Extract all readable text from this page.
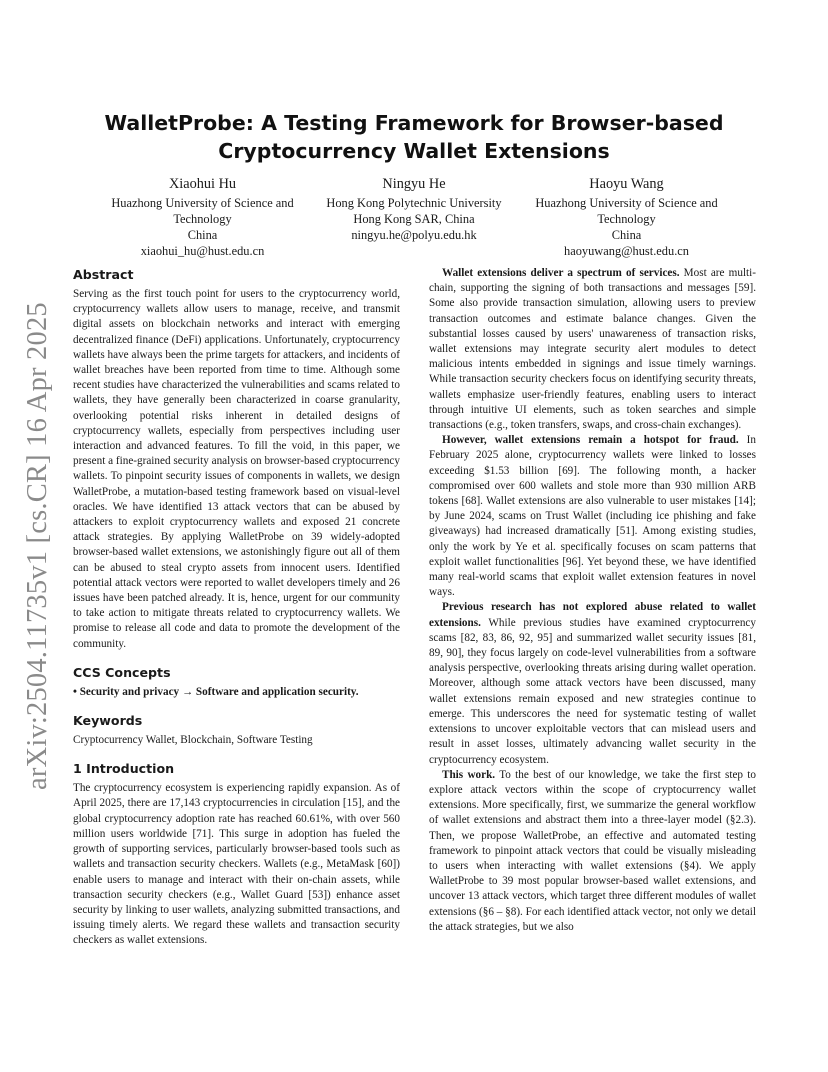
arXiv:2504.11735v1 [cs.CR] 16 Apr 2025
WalletProbe: A Testing Framework for Browser-based
Cryptocurrency Wallet Extensions
Xiaohui Hu
Huazhong University of Science and
Technology
China
xiaohui_hu@hust.edu.cn
Ningyu He
Hong Kong Polytechnic University
Hong Kong SAR, China
ningyu.he@polyu.edu.hk
Haoyu Wang
Huazhong University of Science and
Technology
China
haoyuwang@hust.edu.cn
Abstract

Serving as the first touch point for users to the cryptocurrency world, cryptocurrency wallets allow users to manage, receive, and transmit digital assets on blockchain networks and interact with emerging decentralized finance (DeFi) applications. Unfortunately, cryptocurrency wallets have always been the prime targets for attackers, and incidents of wallet breaches have been reported from time to time. Although some recent studies have characterized the vulnerabilities and scams related to wallets, they have generally been characterized in coarse granularity, overlooking potential risks inherent in detailed designs of cryptocurrency wallets, especially from perspectives including user interaction and advanced features. To fill the void, in this paper, we present a fine-grained security analysis on browser-based cryptocurrency wallets. To pinpoint security issues of components in wallets, we design WalletProbe, a mutation-based testing framework based on visual-level oracles. We have identified 13 attack vectors that can be abused by attackers to exploit cryptocurrency wallets and exposed 21 concrete attack strategies. By applying WalletProbe on 39 widely-adopted browser-based wallet extensions, we astonishingly figure out all of them can be abused to steal crypto assets from innocent users. Identified potential attack vectors were reported to wallet developers timely and 26 issues have been patched already. It is, hence, urgent for our community to take action to mitigate threats related to cryptocurrency wallets. We promise to release all code and data to promote the development of the community.

CCS Concepts

• Security and privacy → Software and application security.

Keywords

Cryptocurrency Wallet, Blockchain, Software Testing

1 Introduction

The cryptocurrency ecosystem is experiencing rapidly expansion. As of April 2025, there are 17,143 cryptocurrencies in circulation [15], and the global cryptocurrency adoption rate has reached 60.61%, with over 560 million users worldwide [71]. This surge in adoption has fueled the growth of supporting services, particularly browser-based tools such as wallets and transaction security checkers. Wallets (e.g., MetaMask [60]) enable users to manage and interact with their on-chain assets, while transaction security checkers (e.g., Wallet Guard [53]) enhance asset security by linking to user wallets, analyzing submitted transactions, and issuing timely alerts. We regard these wallets and transaction security checkers as wallet extensions.

Wallet extensions deliver a spectrum of services. Most are multi-chain, supporting the signing of both transactions and messages [59]. Some also provide transaction simulation, allowing users to preview transaction outcomes and estimate balance changes. Given the substantial losses caused by users' unawareness of transaction risks, wallet extensions may integrate security alert modules to detect malicious intents embedded in signings and issue timely warnings. While transaction security checkers focus on identifying security threats, wallets emphasize user-friendly features, enabling users to interact through intuitive UI elements, such as token searches and simple transactions (e.g., token transfers, swaps, and cross-chain exchanges).

However, wallet extensions remain a hotspot for fraud. In February 2025 alone, cryptocurrency wallets were linked to losses exceeding $1.53 billion [69]. The following month, a hacker compromised over 600 wallets and stole more than 930 million ARB tokens [68]. Wallet extensions are also vulnerable to user mistakes [14]; by June 2024, scams on Trust Wallet (including ice phishing and fake giveaways) had increased dramatically [51]. Among existing studies, only the work by Ye et al. specifically focuses on scam patterns that exploit wallet functionalities [96]. Yet beyond these, we have identified many real-world scams that exploit wallet extension features in novel ways.

Previous research has not explored abuse related to wallet extensions. While previous studies have examined cryptocurrency scams [82, 83, 86, 92, 95] and summarized wallet security issues [81, 89, 90], they focus largely on code-level vulnerabilities from a software analysis perspective, overlooking threats arising during wallet operation. Moreover, although some attack vectors have been discussed, many wallet extensions remain exposed and new strategies continue to emerge. This underscores the need for systematic testing of wallet extensions to uncover exploitable vectors that can mislead users and result in asset losses, ultimately advancing wallet security in the cryptocurrency ecosystem.

This work. To the best of our knowledge, we take the first step to explore attack vectors within the scope of cryptocurrency wallet extensions. More specifically, first, we summarize the general workflow of wallet extensions and abstract them into a three-layer model (§2.3). Then, we propose WalletProbe, an effective and automated testing framework to pinpoint attack vectors that could be visually misleading to users when interacting with wallet extensions (§4). We apply WalletProbe to 39 most popular browser-based wallet extensions, and uncover 13 attack vectors, which target three different modules of wallet extensions (§6 – §8). For each identified attack vector, not only we detail the attack strategies, but we also
